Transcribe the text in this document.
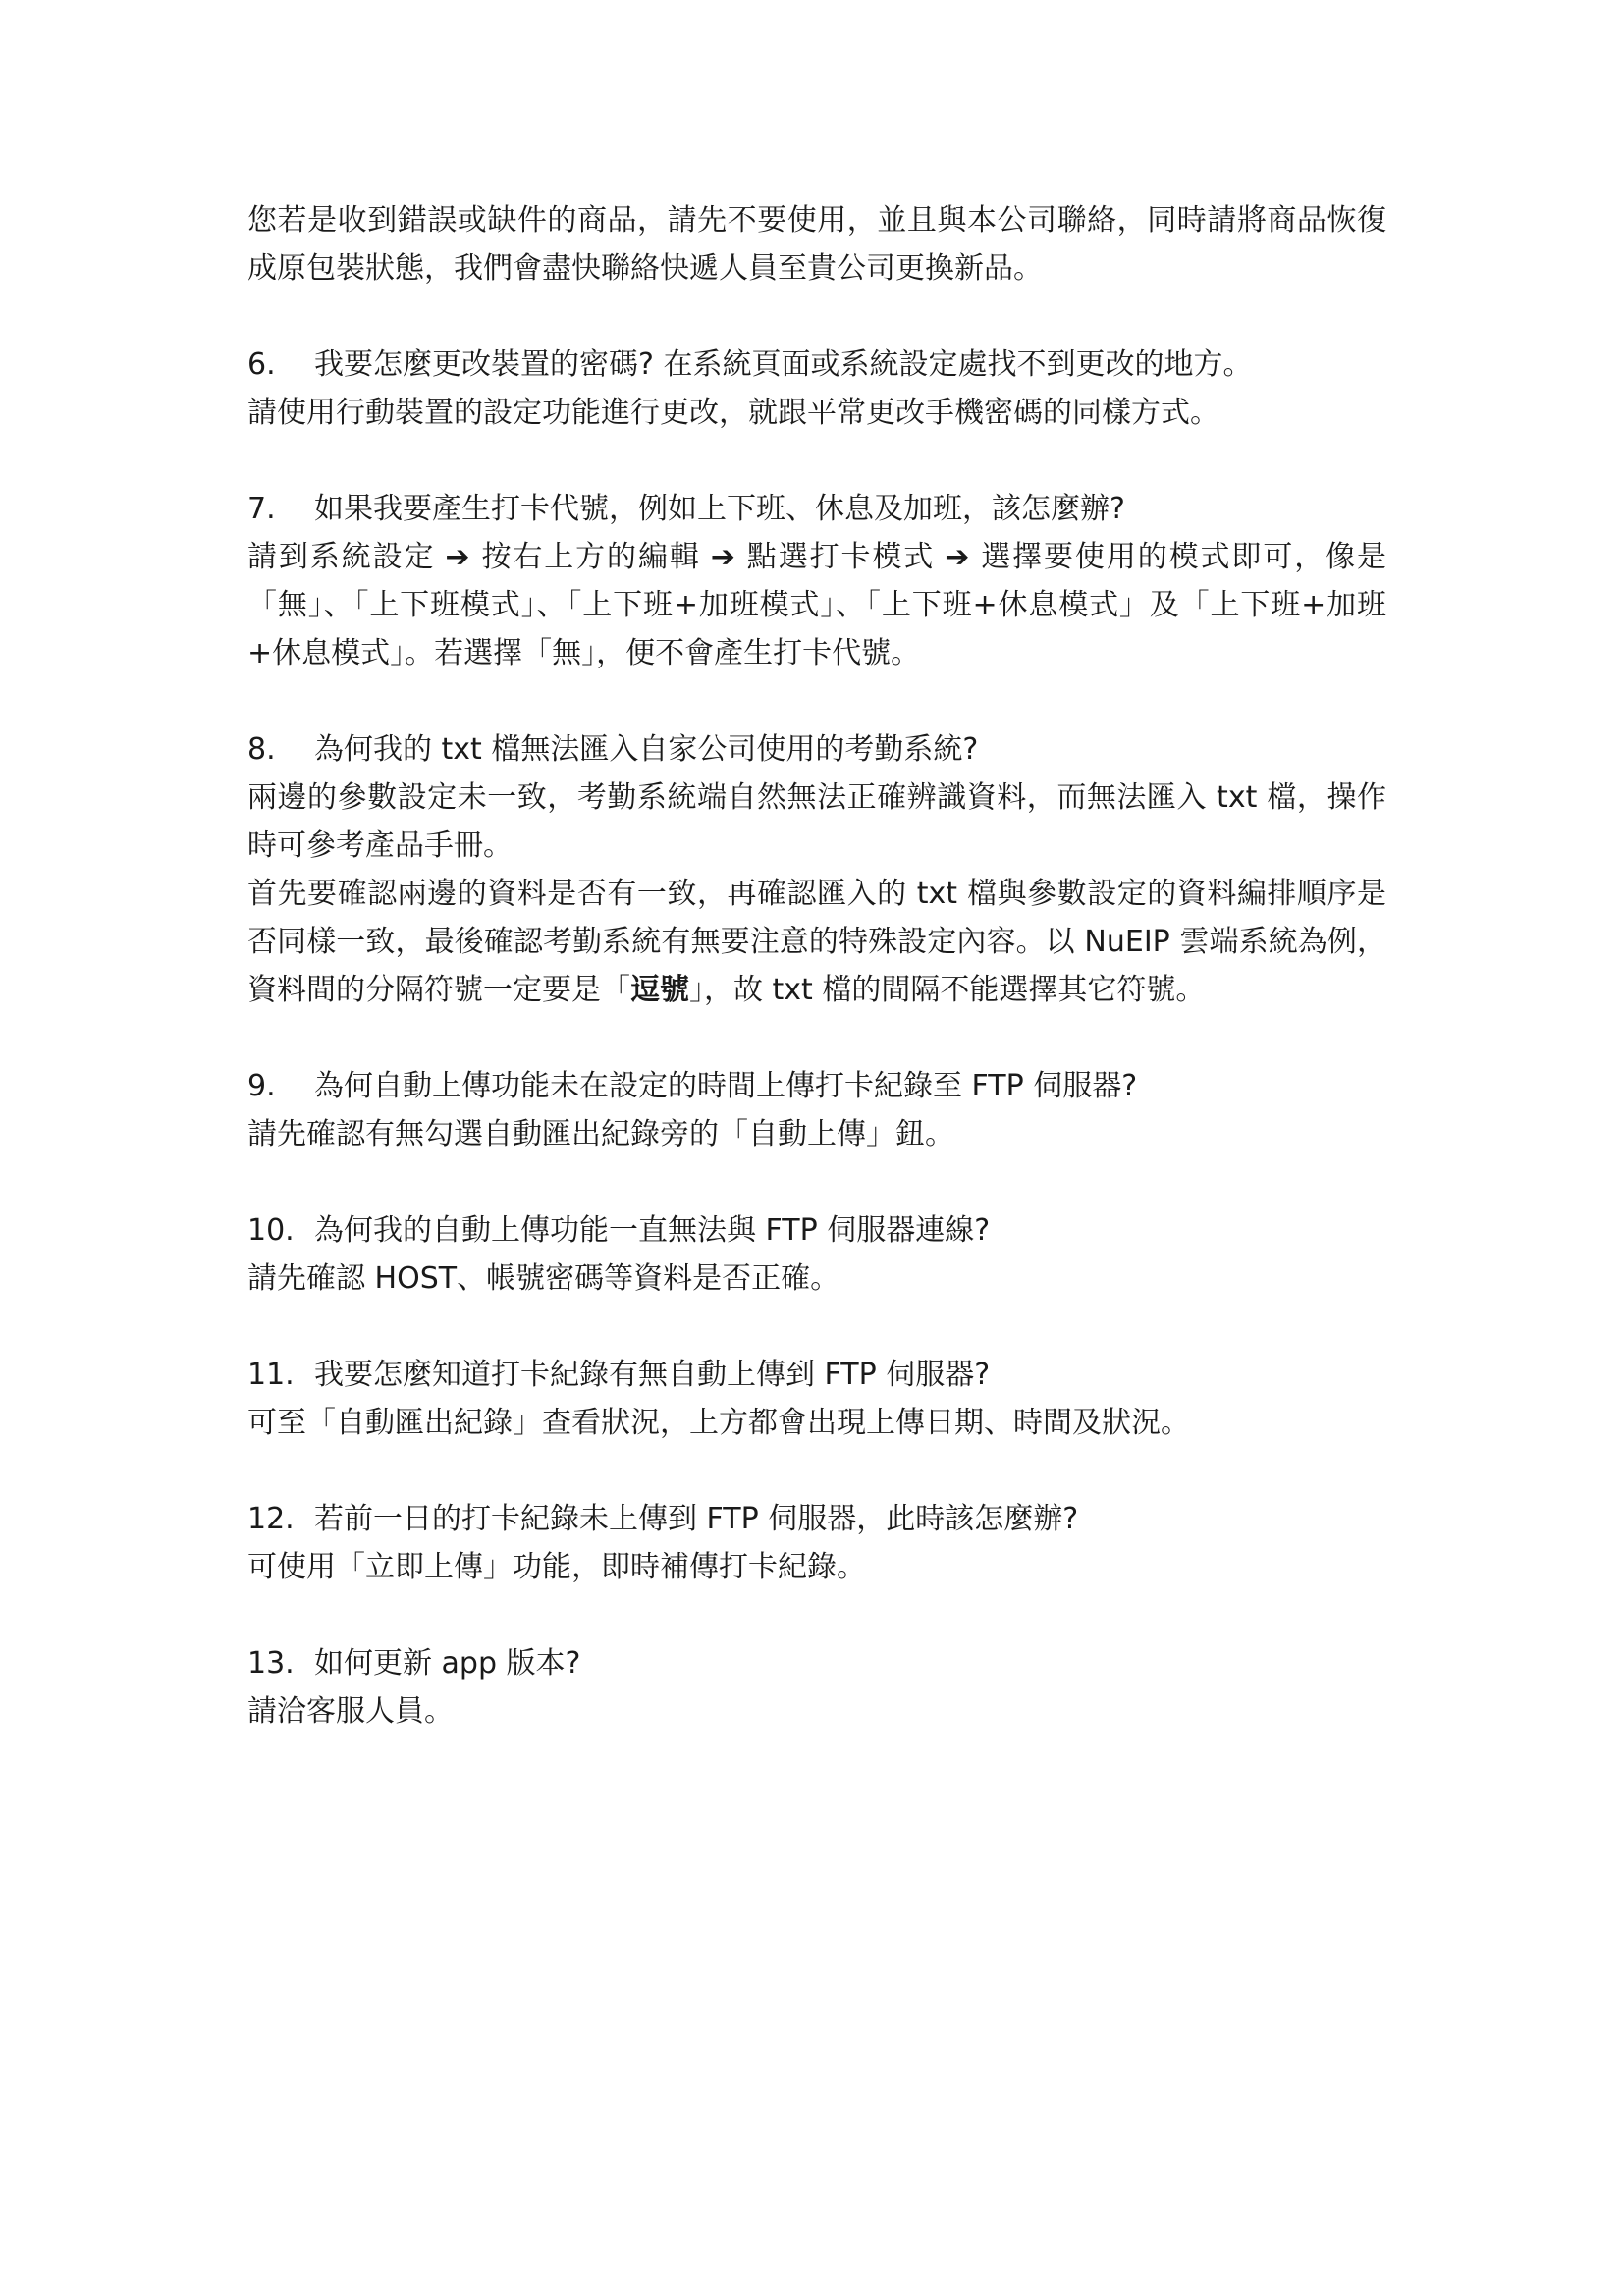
您若是收到錯誤或缺件的商品，請先不要使用，並且與本公司聯絡，同時請將商品恢復成原包裝狀態，我們會盡快聯絡快遞人員至貴公司更換新品。

6. 我要怎麼更改裝置的密碼? 在系統頁面或系統設定處找不到更改的地方。

請使用行動裝置的設定功能進行更改，就跟平常更改手機密碼的同樣方式。

7. 如果我要產生打卡代號，例如上下班、休息及加班，該怎麼辦?

請到系統設定 ➔ 按右上方的編輯 ➔ 點選打卡模式 ➔ 選擇要使用的模式即可，像是「無」、「上下班模式」、「上下班+加班模式」、「上下班+休息模式」及「上下班+加班+休息模式」。若選擇「無」，便不會產生打卡代號。

8. 為何我的 txt 檔無法匯入自家公司使用的考勤系統?

兩邊的參數設定未一致，考勤系統端自然無法正確辨識資料，而無法匯入 txt 檔，操作時可參考產品手冊。

首先要確認兩邊的資料是否有一致，再確認匯入的 txt 檔與參數設定的資料編排順序是否同樣一致，最後確認考勤系統有無要注意的特殊設定內容。以 NuEIP 雲端系統為例，資料間的分隔符號一定要是「逗號」，故 txt 檔的間隔不能選擇其它符號。

9. 為何自動上傳功能未在設定的時間上傳打卡紀錄至 FTP 伺服器?

請先確認有無勾選自動匯出紀錄旁的「自動上傳」鈕。

10. 為何我的自動上傳功能一直無法與 FTP 伺服器連線?

請先確認 HOST、帳號密碼等資料是否正確。

11. 我要怎麼知道打卡紀錄有無自動上傳到 FTP 伺服器?

可至「自動匯出紀錄」查看狀況，上方都會出現上傳日期、時間及狀況。

12. 若前一日的打卡紀錄未上傳到 FTP 伺服器，此時該怎麼辦?

可使用「立即上傳」功能，即時補傳打卡紀錄。

13. 如何更新 app 版本?

請洽客服人員。
